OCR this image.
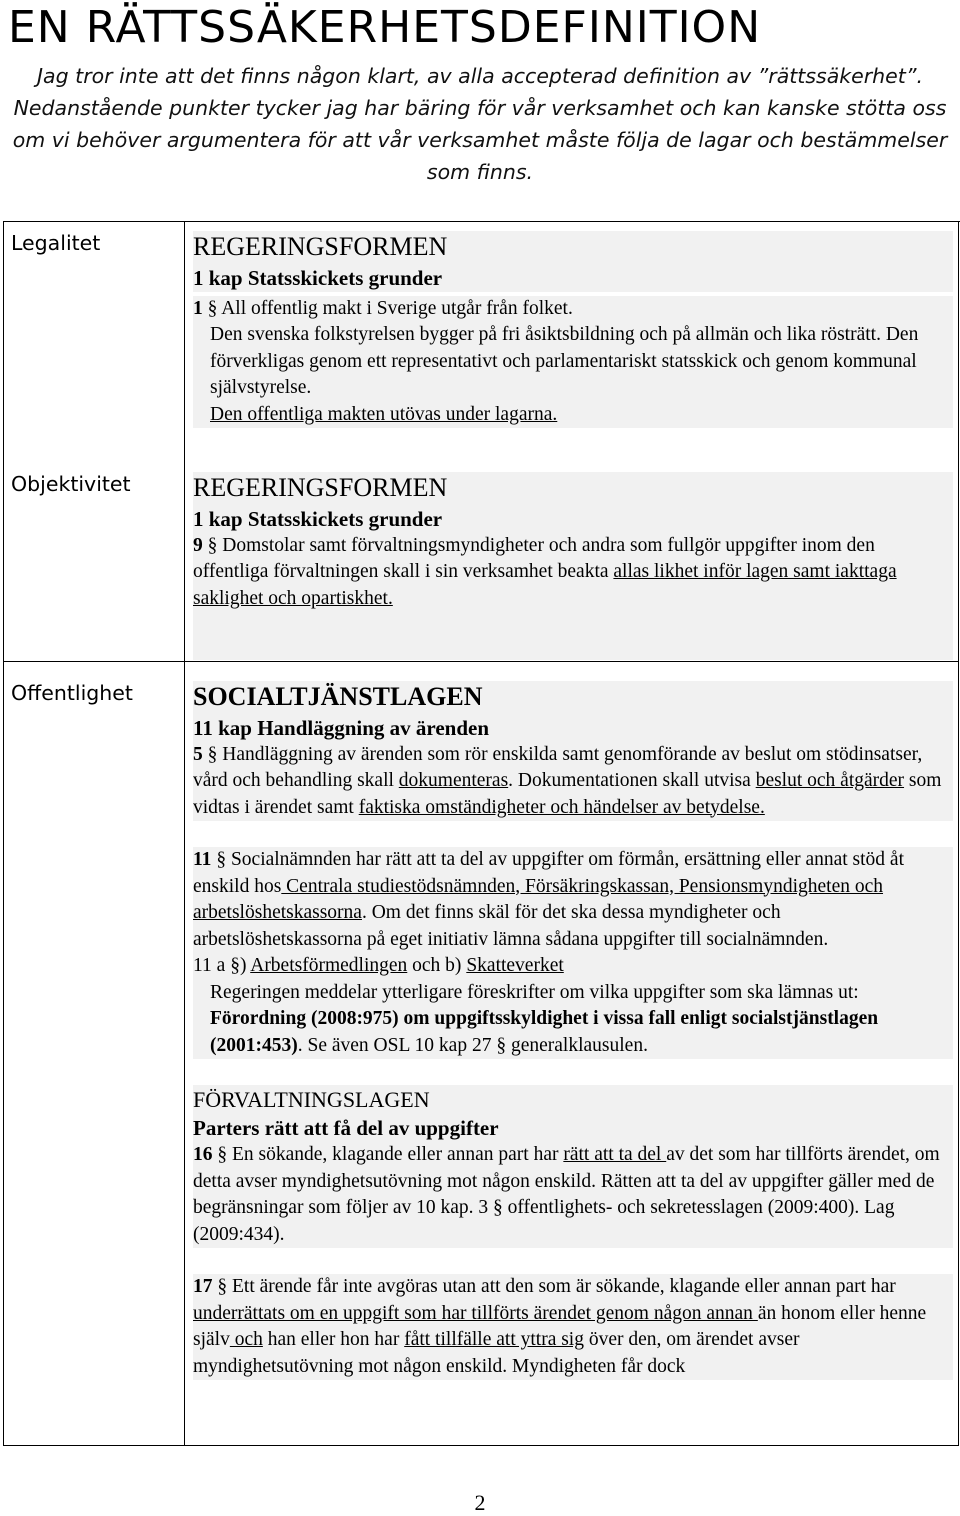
EN RÄTTSSÄKERHETSDEFINITION

Jag tror inte att det finns någon klart, av alla accepterad definition av ”rättssäkerhet”. Nedanstående punkter tycker jag har bäring för vår verksamhet och kan kanske stötta oss om vi behöver argumentera för att vår verksamhet måste följa de lagar och bestämmelser som finns.

Legalitet	REGERINGSFORMEN

1 kap Statsskickets grunder

1 § All offentlig makt i Sverige utgår från folket.

Den svenska folkstyrelsen bygger på fri åsiktsbildning och på allmän och lika rösträtt. Den förverkligas genom ett representativt och parlamentariskt statsskick och genom kommunal självstyrelse.

Den offentliga makten utövas under lagarna.

Objektivitet REGERINGSFORMEN

1 kap Statsskickets grunder

9 § Domstolar samt förvaltningsmyndigheter och andra som fullgör uppgifter inom den offentliga förvaltningen skall i sin verksamhet beakta allas likhet inför lagen samt iakttaga saklighet och opartiskhet.

Offentlighet SOCIALTJÄNSTLAGEN

11 kap Handläggning av ärenden

5 § Handläggning av ärenden som rör enskilda samt genomförande av beslut om stödinsatser, vård och behandling skall dokumenteras. Dokumentationen skall utvisa beslut och åtgärder som vidtas i ärendet samt faktiska omständigheter och händelser av betydelse.

11 § Socialnämnden har rätt att ta del av uppgifter om förmån, ersättning eller annat stöd åt enskild hos Centrala studiestödsnämnden, Försäkringskassan, Pensionsmyndigheten och arbetslöshetskassorna. Om det finns skäl för det ska dessa myndigheter och arbetslöshetskassorna på eget initiativ lämna sådana uppgifter till socialnämnden.

11 a §) Arbetsförmedlingen och b) Skatteverket

Regeringen meddelar ytterligare föreskrifter om vilka uppgifter som ska lämnas ut: Förordning (2008:975) om uppgiftsskyldighet i vissa fall enligt socialstjänstlagen (2001:453). Se även OSL 10 kap 27 § generalklausulen.

FÖRVALTNINGSLAGEN

Parters rätt att få del av uppgifter

16 § En sökande, klagande eller annan part har rätt att ta del av det som har tillförts ärendet, om detta avser myndighetsutövning mot någon enskild. Rätten att ta del av uppgifter gäller med de begränsningar som följer av 10 kap. 3 § offentlighets- och sekretesslagen (2009:400). Lag (2009:434).

17 § Ett ärende får inte avgöras utan att den som är sökande, klagande eller annan part har underrättats om en uppgift som har tillförts ärendet genom någon annan än honom eller henne själv och han eller hon har fått tillfälle att yttra sig över den, om ärendet avser myndighetsutövning mot någon enskild. Myndigheten får dock

2
